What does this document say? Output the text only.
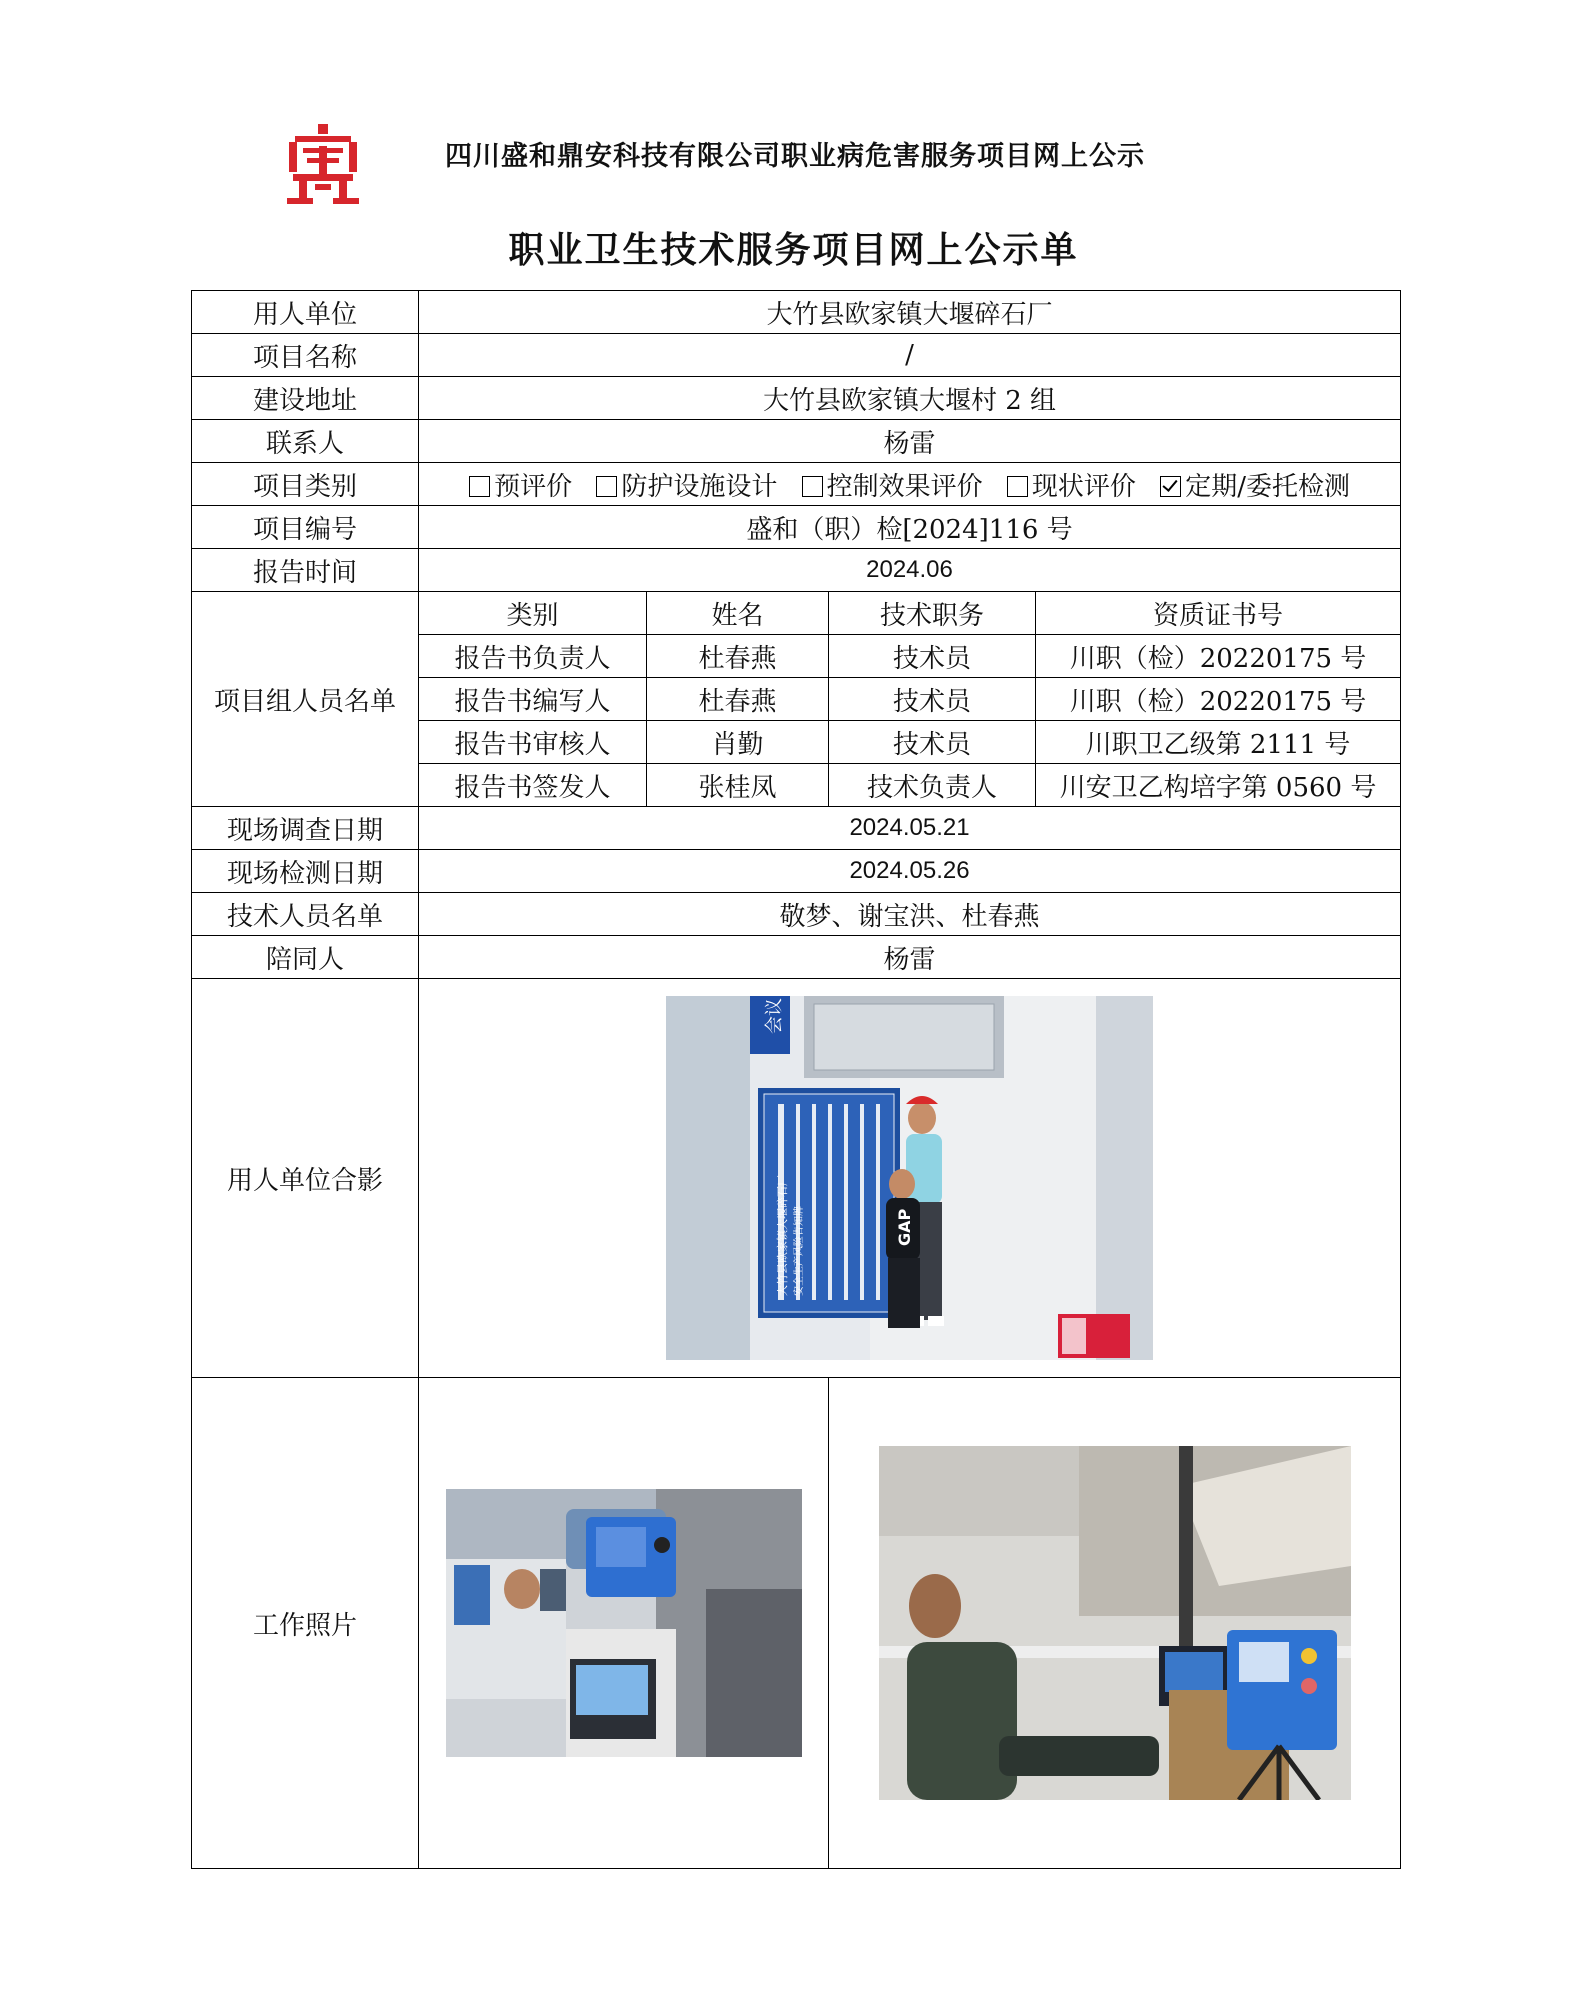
四川盛和鼎安科技有限公司职业病危害服务项目网上公示
职业卫生技术服务项目网上公示单
用人单位	大竹县欧家镇大堰碎石厂			
项目名称	/			
建设地址	大竹县欧家镇大堰村 2 组			
联系人	杨雷			
项目类别	预评价 防护设施设计 控制效果评价 现状评价 定期/委托检测			
项目编号	盛和（职）检[2024]116 号			
报告时间	2024.06			
项目组人员名单	类别	姓名	技术职务	资质证书号
	报告书负责人	杜春燕	技术员	川职（检）20220175 号
	报告书编写人	杜春燕	技术员	川职（检）20220175 号
	报告书审核人	肖勤	技术员	川职卫乙级第 2111 号
	报告书签发人	张桂凤	技术负责人	川安卫乙构培字第 0560 号
现场调查日期	2024.05.21			
现场检测日期	2024.05.26			
技术人员名单	敬梦、谢宝洪、杜春燕			
陪同人	杨雷			
用人单位合影	会议
大竹县欧家镇大堰碎石厂 安全生产风险告知牌 GAP			

工作照片	
